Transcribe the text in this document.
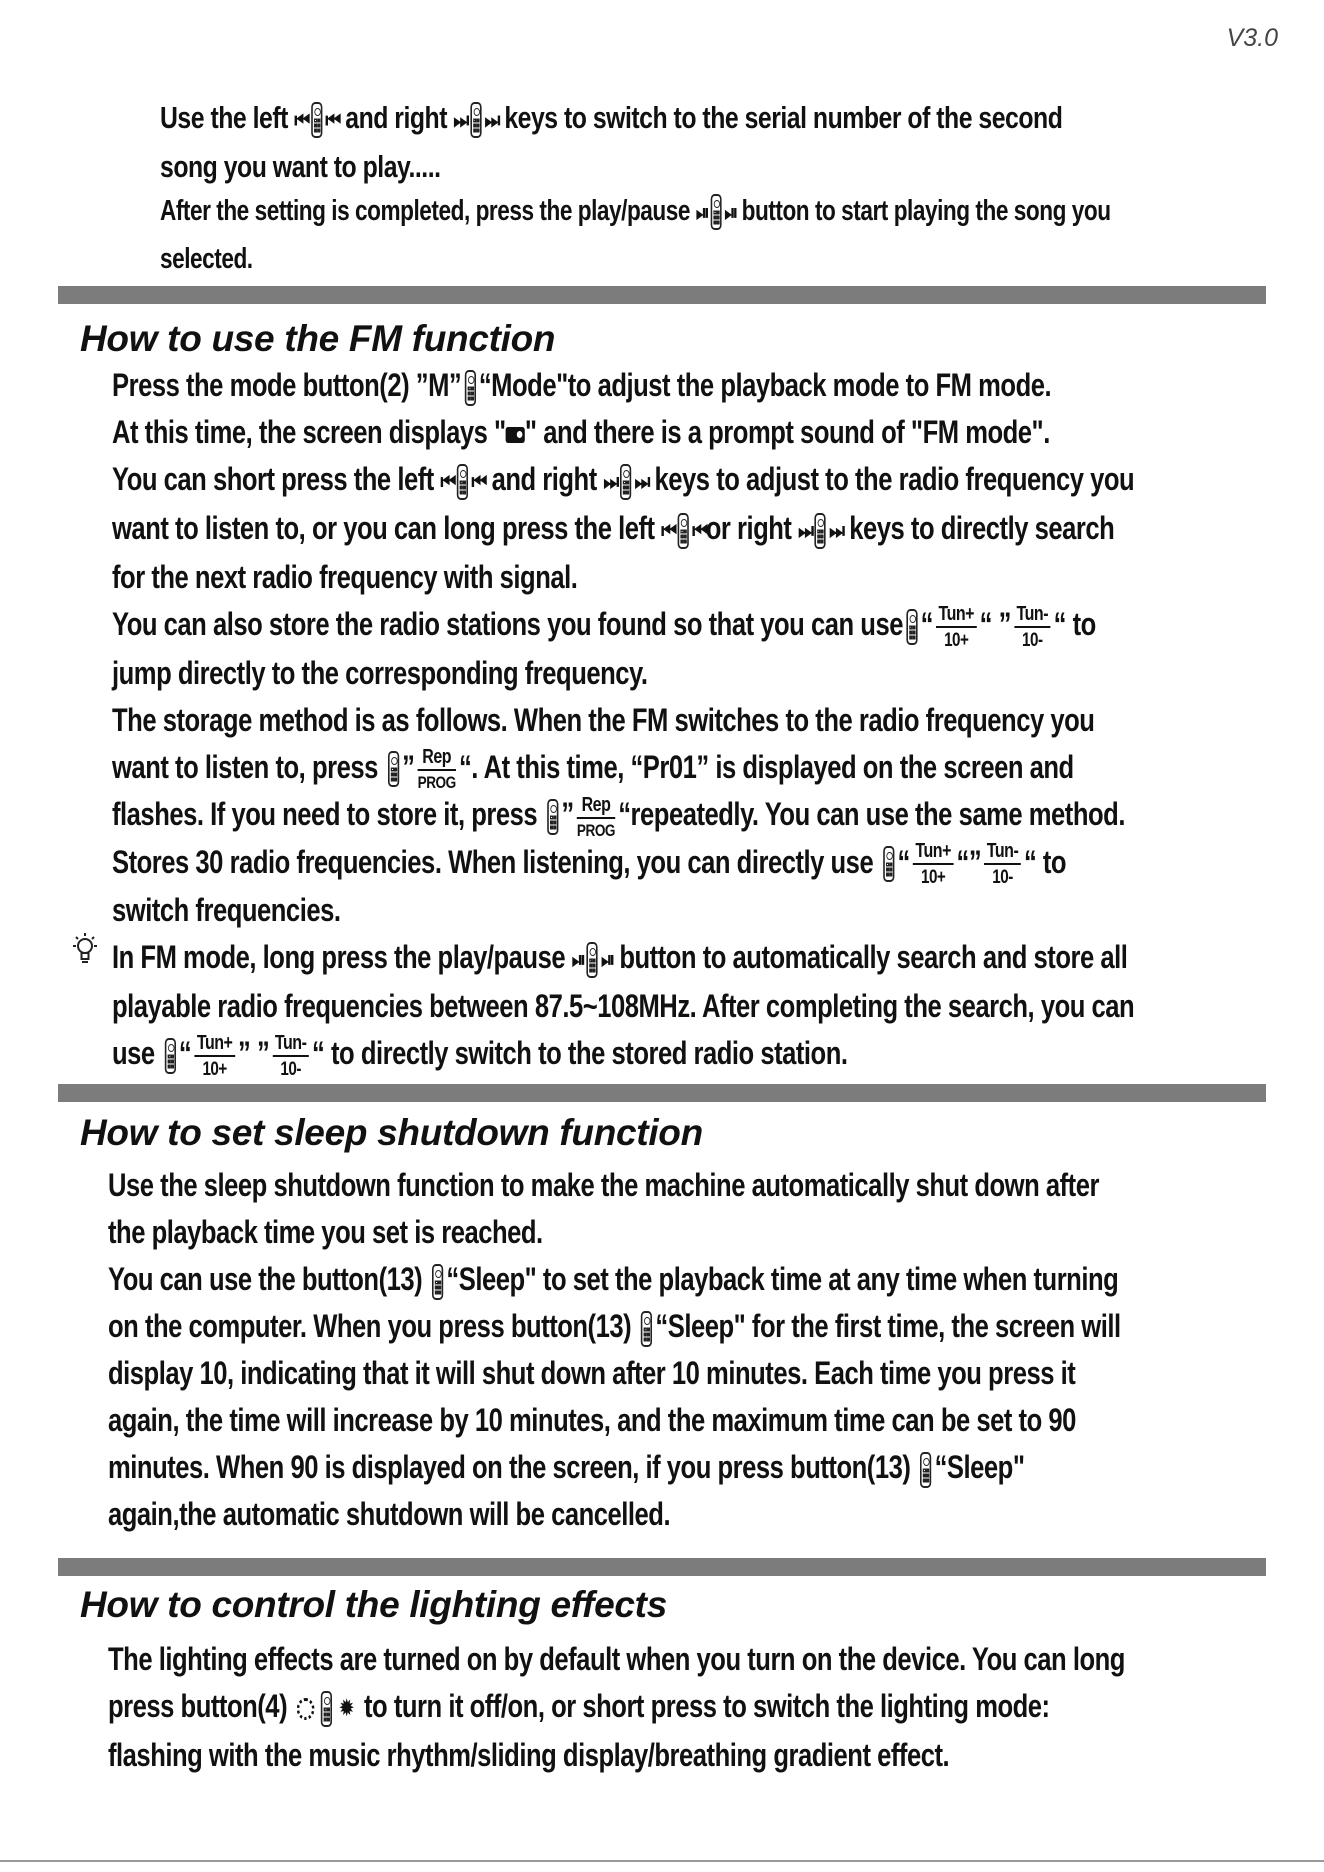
V3.0
Use the left ⏮ ⏮ and right ⏭ ⏭ keys to switch to the serial number of the second song you want to play.....
After the setting is completed, press the play/pause ⏯ ⏯ button to start playing the song you selected.
How to use the FM function

Press the mode button(2) ”M” “Mode"to adjust the playback mode to FM mode.

At this time, the screen displays " " and there is a prompt sound of "FM mode".

You can short press the left ⏮ ⏮ and right ⏭ ⏭ keys to adjust to the radio frequency you want to listen to, or you can long press the left ⏮ ⏮or right ⏭ ⏭ keys to directly search for the next radio frequency with signal.

You can also store the radio stations you found so that you can use “ $\frac{\text{Tun+}}{10+}$ “ ” $\frac{\text{Tun-}}{10-}$ “ to jump directly to the corresponding frequency.

The storage method is as follows. When the FM switches to the radio frequency you want to listen to, press ” $\frac{\text{Rep}}{\text{PROG}}$ “. At this time, “Pr01” is displayed on the screen and flashes. If you need to store it, press ” $\frac{\text{Rep}}{\text{PROG}}$ “repeatedly. You can use the same method. Stores 30 radio frequencies. When listening, you can directly use “ $\frac{\text{Tun+}}{10+}$ “” $\frac{\text{Tun-}}{10-}$ “ to switch frequencies.

In FM mode, long press the play/pause ⏯ ⏯ button to automatically search and store all playable radio frequencies between 87.5~108MHz. After completing the search, you can use “ $\frac{\text{Tun+}}{10+}$ ” ” $\frac{\text{Tun-}}{10-}$ “ to directly switch to the stored radio station.

How to set sleep shutdown function

Use the sleep shutdown function to make the machine automatically shut down after the playback time you set is reached.

You can use the button(13) “Sleep" to set the playback time at any time when turning on the computer. When you press button(13) “Sleep" for the first time, the screen will display 10, indicating that it will shut down after 10 minutes. Each time you press it again, the time will increase by 10 minutes, and the maximum time can be set to 90 minutes. When 90 is displayed on the screen, if you press button(13) “Sleep" again,the automatic shutdown will be cancelled.

How to control the lighting effects

The lighting effects are turned on by default when you turn on the device. You can long press button(4) ✹ to turn it off/on, or short press to switch the lighting mode: flashing with the music rhythm/sliding display/breathing gradient effect.
